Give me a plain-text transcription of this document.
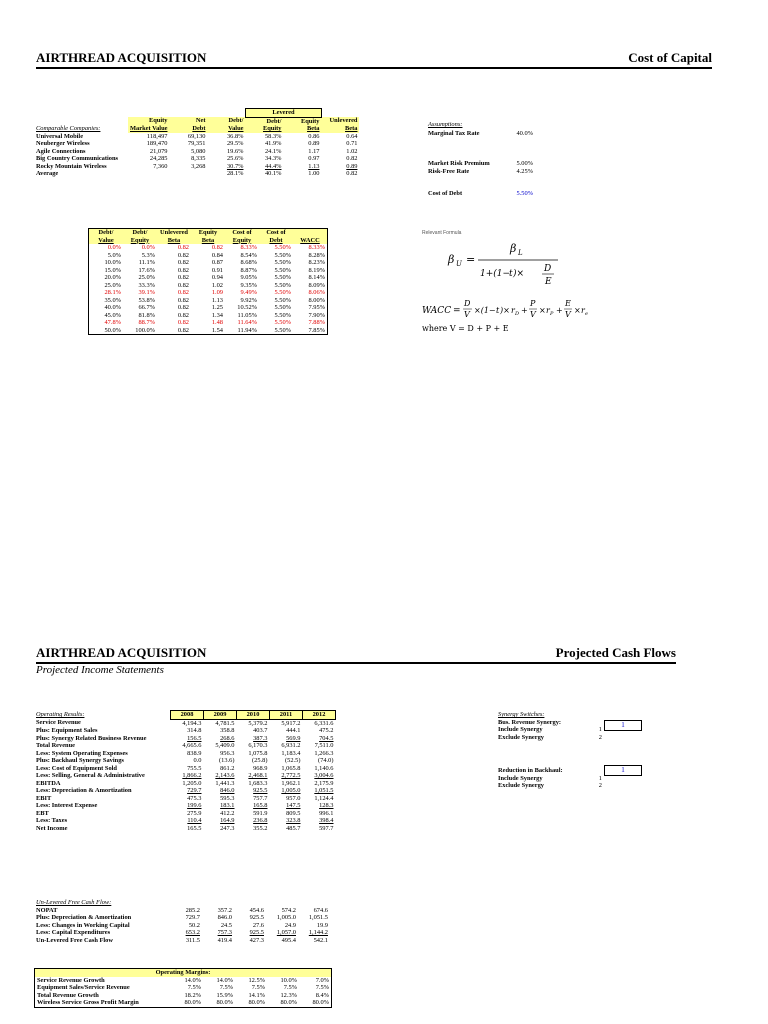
AIRTHREAD ACQUISITION	Cost of Capital
				Levered		
	Equity	Net	Debt/	Debt/	Equity	Unlevered
Comparable Companies:	Market Value	Debt	Value	Equity	Beta	Beta
Universal Mobile	118,497	69,130	36.8%	58.3%	0.86	0.64
Neuberger Wireless	189,470	79,351	29.5%	41.9%	0.89	0.71
Agile Connections	21,079	5,080	19.6%	24.1%	1.17	1.02
Big Country Communications	24,285	8,335	25.6%	34.3%	0.97	0.82
Rocky Mountain Wireless	7,360	3,268	30.7%	44.4%	1.13	0.89
Average			28.1%	40.1%	1.00	0.82
Assumptions:
Marginal Tax Rate	40.0%
Market Risk Premium	5.00%
Risk-Free Rate	4.25%
Cost of Debt	5.50%
Debt/	Debt/	Unlevered	Equity	Cost of	Cost of	
Value	Equity	Beta	Beta	Equity	Debt	WACC
0.0%	0.0%	0.82	0.82	8.33%	5.50%	8.33%
5.0%	5.3%	0.82	0.84	8.54%	5.50%	8.28%
10.0%	11.1%	0.82	0.87	8.68%	5.50%	8.23%
15.0%	17.6%	0.82	0.91	8.87%	5.50%	8.19%
20.0%	25.0%	0.82	0.94	9.05%	5.50%	8.14%
25.0%	33.3%	0.82	1.02	9.35%	5.50%	8.09%
28.1%	39.1%	0.82	1.09	9.49%	5.50%	8.06%
35.0%	53.8%	0.82	1.13	9.92%	5.50%	8.00%
40.0%	66.7%	0.82	1.25	10.52%	5.50%	7.95%
45.0%	81.8%	0.82	1.34	11.05%	5.50%	7.90%
47.8%	88.7%	0.82	1.48	11.64%	5.50%	7.88%
50.0%	100.0%	0.82	1.54	11.94%	5.50%	7.85%
Relevant Formula
β U =
β L
1+(1−
t )× D
E
WACC =
D
V ×(1− t )× r D +
P
V × r P +
E
V × r e
where V = D + P + E
AIRTHREAD ACQUISITION	Projected Cash Flows
Projected Income Statements
Operating Results:	2008	2009	2010	2011	2012
Service Revenue	4,194.3	4,781.5	5,379.2	5,917.2	6,331.6
Plus: Equipment Sales	314.8	358.8	403.7	444.1	475.2
Plus: Synergy Related Business Revenue	156.5	268.6	387.3	569.9	704.5
Total Revenue	4,665.6	5,409.0	6,170.3	6,931.2	7,511.0
Less: System Operating Expenses	838.9	956.3	1,075.8	1,183.4	1,266.3
Plus: Backhaul Synergy Savings	0.0	(13.6)	(25.8)	(52.5)	(74.0)
Less: Cost of Equipment Sold	755.5	861.2	968.9	1,065.8	1,140.6
Less: Selling, General & Administrative	1,866.2	2,143.6	2,468.1	2,772.5	3,004.6
EBITDA	1,205.0	1,441.3	1,683.3	1,962.1	2,175.9
Less: Depreciation & Amortization	729.7	846.0	925.5	1,005.0	1,051.5
EBIT	475.3	595.3	757.7	957.0	1,124.4
Less: Interest Expense	199.6	183.1	165.8	147.5	128.3
EBT	275.9	412.2	591.9	809.5	996.1
Less: Taxes	110.4	164.9	236.8	323.8	398.4
Net Income	165.5	247.3	355.2	485.7	597.7
Un-Levered Free Cash Flow:					
NOPAT	285.2	357.2	454.6	574.2	674.6
Plus: Depreciation & Amortization	729.7	846.0	925.5	1,005.0	1,051.5
Less: Changes in Working Capital	50.2	24.5	27.6	24.9	19.9
Less: Capital Expenditures	653.2	757.3	925.5	1,057.0	1,144.2
Un-Levered Free Cash Flow	311.5	419.4	427.3	495.4	542.1
Operating Margins:					
Service Revenue Growth	14.0%	14.0%	12.5%	10.0%	7.0%
Equipment Sales/Service Revenue	7.5%	7.5%	7.5%	7.5%	7.5%
Total Revenue Growth	18.2%	15.9%	14.1%	12.3%	8.4%
Wireless Service Gross Profit Margin	80.0%	80.0%	80.0%	80.0%	80.0%
Synergy Switches:
Bus. Revenue Synergy:
Include Synergy	1
Exclude Synergy	2
1
Reduction in Backhaul:
Include Synergy	1
Exclude Synergy	2
1
